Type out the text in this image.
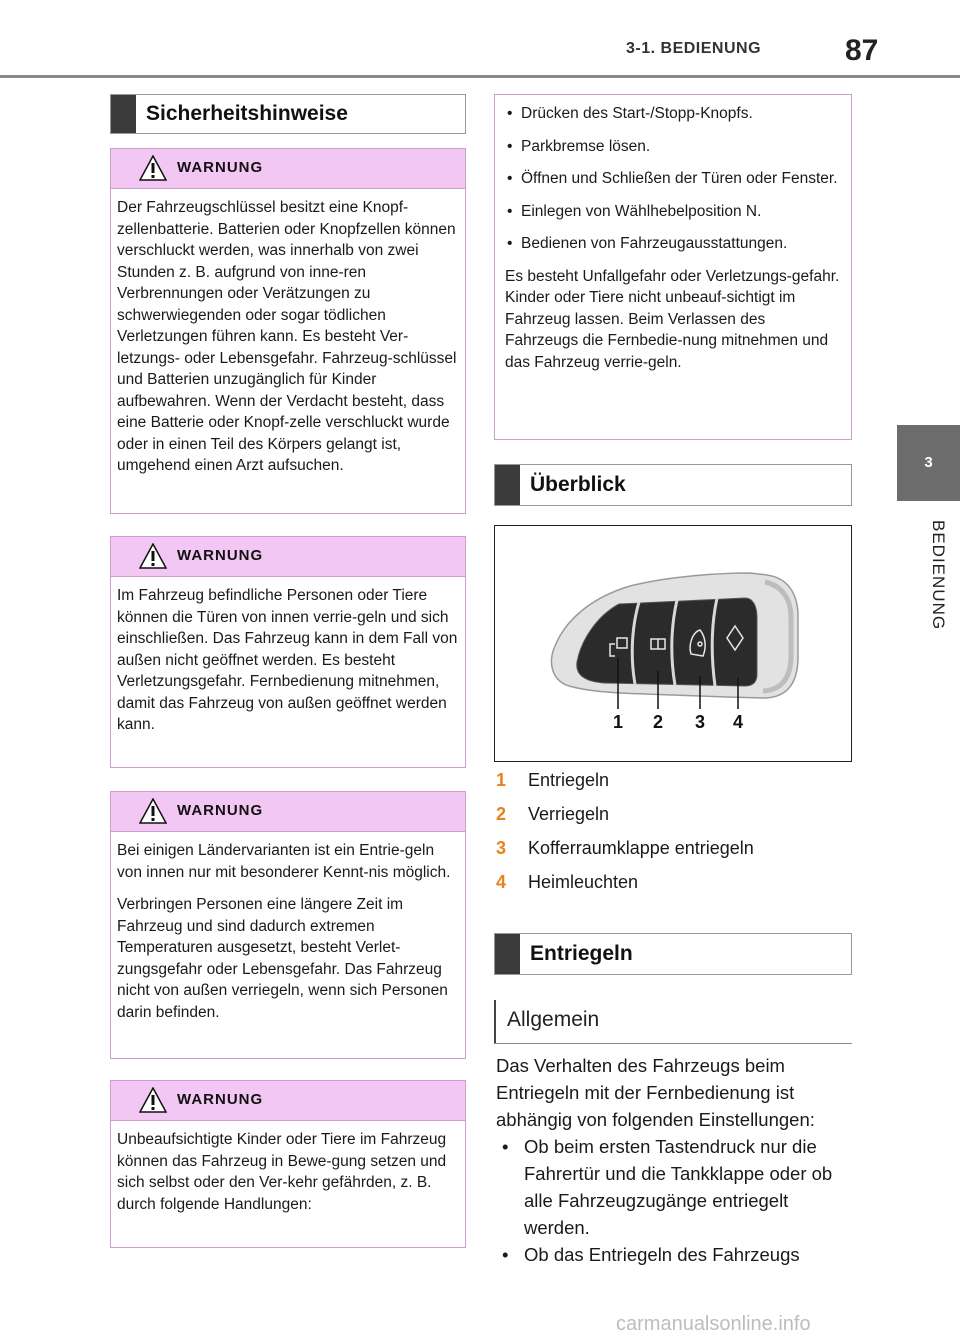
3-1. BEDIENUNG	87
3
BEDIENUNG
Sicherheitshinweise
WARNUNG

Der Fahrzeugschlüssel besitzt eine Knopf-zellenbatterie. Batterien oder Knopfzellen können verschluckt werden, was innerhalb von zwei Stunden z. B. aufgrund von inne-ren Verbrennungen oder Verätzungen zu schwerwiegenden oder sogar tödlichen Verletzungen führen kann. Es besteht Ver-letzungs- oder Lebensgefahr. Fahrzeug-schlüssel und Batterien unzugänglich für Kinder aufbewahren. Wenn der Verdacht besteht, dass eine Batterie oder Knopf-zelle verschluckt wurde oder in einen Teil des Körpers gelangt ist, umgehend einen Arzt aufsuchen.

WARNUNG

Im Fahrzeug befindliche Personen oder Tiere können die Türen von innen verrie-geln und sich einschließen. Das Fahrzeug kann in dem Fall von außen nicht geöffnet werden. Es besteht Verletzungsgefahr. Fernbedienung mitnehmen, damit das Fahrzeug von außen geöffnet werden kann.

WARNUNG

Bei einigen Ländervarianten ist ein Entrie-geln von innen nur mit besonderer Kennt-nis möglich.

Verbringen Personen eine längere Zeit im Fahrzeug und sind dadurch extremen Temperaturen ausgesetzt, besteht Verlet-zungsgefahr oder Lebensgefahr. Das Fahrzeug nicht von außen verriegeln, wenn sich Personen darin befinden.

WARNUNG

Unbeaufsichtigte Kinder oder Tiere im Fahrzeug können das Fahrzeug in Bewe-gung setzen und sich selbst oder den Ver-kehr gefährden, z. B. durch folgende Handlungen:

• Drücken des Start-/Stopp-Knopfs.
• Parkbremse lösen.
• Öffnen und Schließen der Türen oder Fenster.
• Einlegen von Wählhebelposition N.
• Bedienen von Fahrzeugausstattungen.

Es besteht Unfallgefahr oder Verletzungs-gefahr. Kinder oder Tiere nicht unbeauf-sichtigt im Fahrzeug lassen. Beim Verlassen des Fahrzeugs die Fernbedie-nung mitnehmen und das Fahrzeug verrie-geln.

Überblick
1 2 3 4
1 Entriegeln
2 Verriegeln
3 Kofferraumklappe entriegeln
4 Heimleuchten
Entriegeln
Allgemein
Das Verhalten des Fahrzeugs beim Entriegeln mit der Fernbedienung ist abhängig von folgenden Einstellungen:
• Ob beim ersten Tastendruck nur die Fahrertür und die Tankklappe oder ob alle Fahrzeugzugänge entriegelt werden.
• Ob das Entriegeln des Fahrzeugs
carmanualsonline.info
